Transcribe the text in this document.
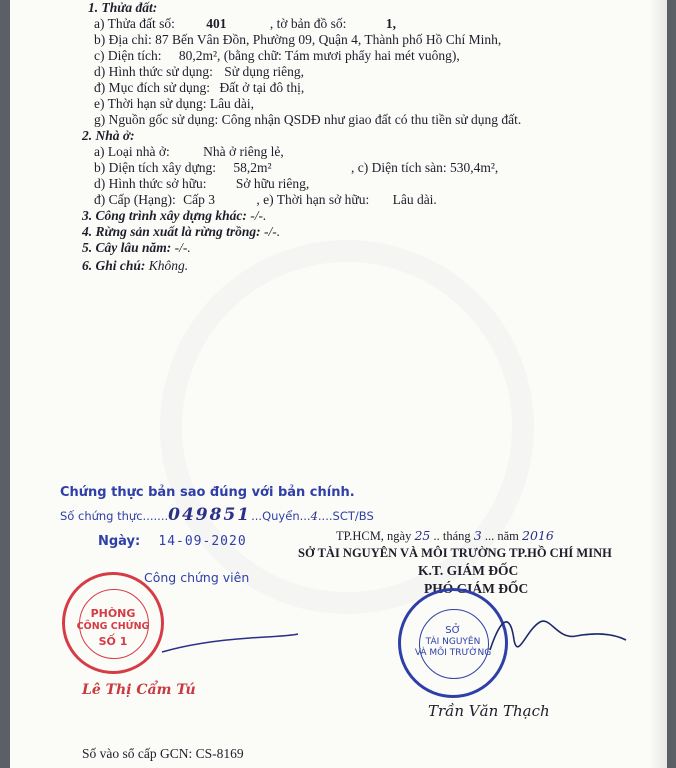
1. Thửa đất:
a) Thửa đất số: 401	, tờ bản đồ số:	1,
b) Địa chỉ: 87 Bến Vân Đồn, Phường 09, Quận 4, Thành phố Hồ Chí Minh,
c) Diện tích: 80,2m², (bằng chữ: Tám mươi phẩy hai mét vuông),
d) Hình thức sử dụng: Sử dụng riêng,
đ) Mục đích sử dụng: Đất ở tại đô thị,
e) Thời hạn sử dụng: Lâu dài,
g) Nguồn gốc sử dụng: Công nhận QSDĐ như giao đất có thu tiền sử dụng đất.
2. Nhà ở:
a) Loại nhà ở: Nhà ở riêng lẻ,
b) Diện tích xây dựng: 58,2m²	, c) Diện tích sàn: 530,4m²,
d) Hình thức sở hữu: Sở hữu riêng,
đ) Cấp (Hạng): Cấp 3	, e) Thời hạn sở hữu: Lâu dài.
3. Công trình xây dựng khác: -/-.
4. Rừng sản xuất là rừng trồng: -/-.
5. Cây lâu năm: -/-.
6. Ghi chú: Không.
Chứng thực bản sao đúng với bản chính.
Số chứng thực.......049851...Quyển...4....SCT/BS
Ngày: 14-09-2020
Công chứng viên
PHÒNG
CÔNG CHỨNG
SỐ 1
Lê Thị Cẩm Tú
TP.HCM, ngày 25 .. tháng 3 ... năm 2016
SỞ TÀI NGUYÊN VÀ MÔI TRƯỜNG TP.HỒ CHÍ MINH
K.T. GIÁM ĐỐC
PHÓ GIÁM ĐỐC
SỞ
TÀI NGUYÊN
VÀ MÔI TRƯỜNG
Trần Văn Thạch
Số vào sổ cấp GCN: CS-8169
